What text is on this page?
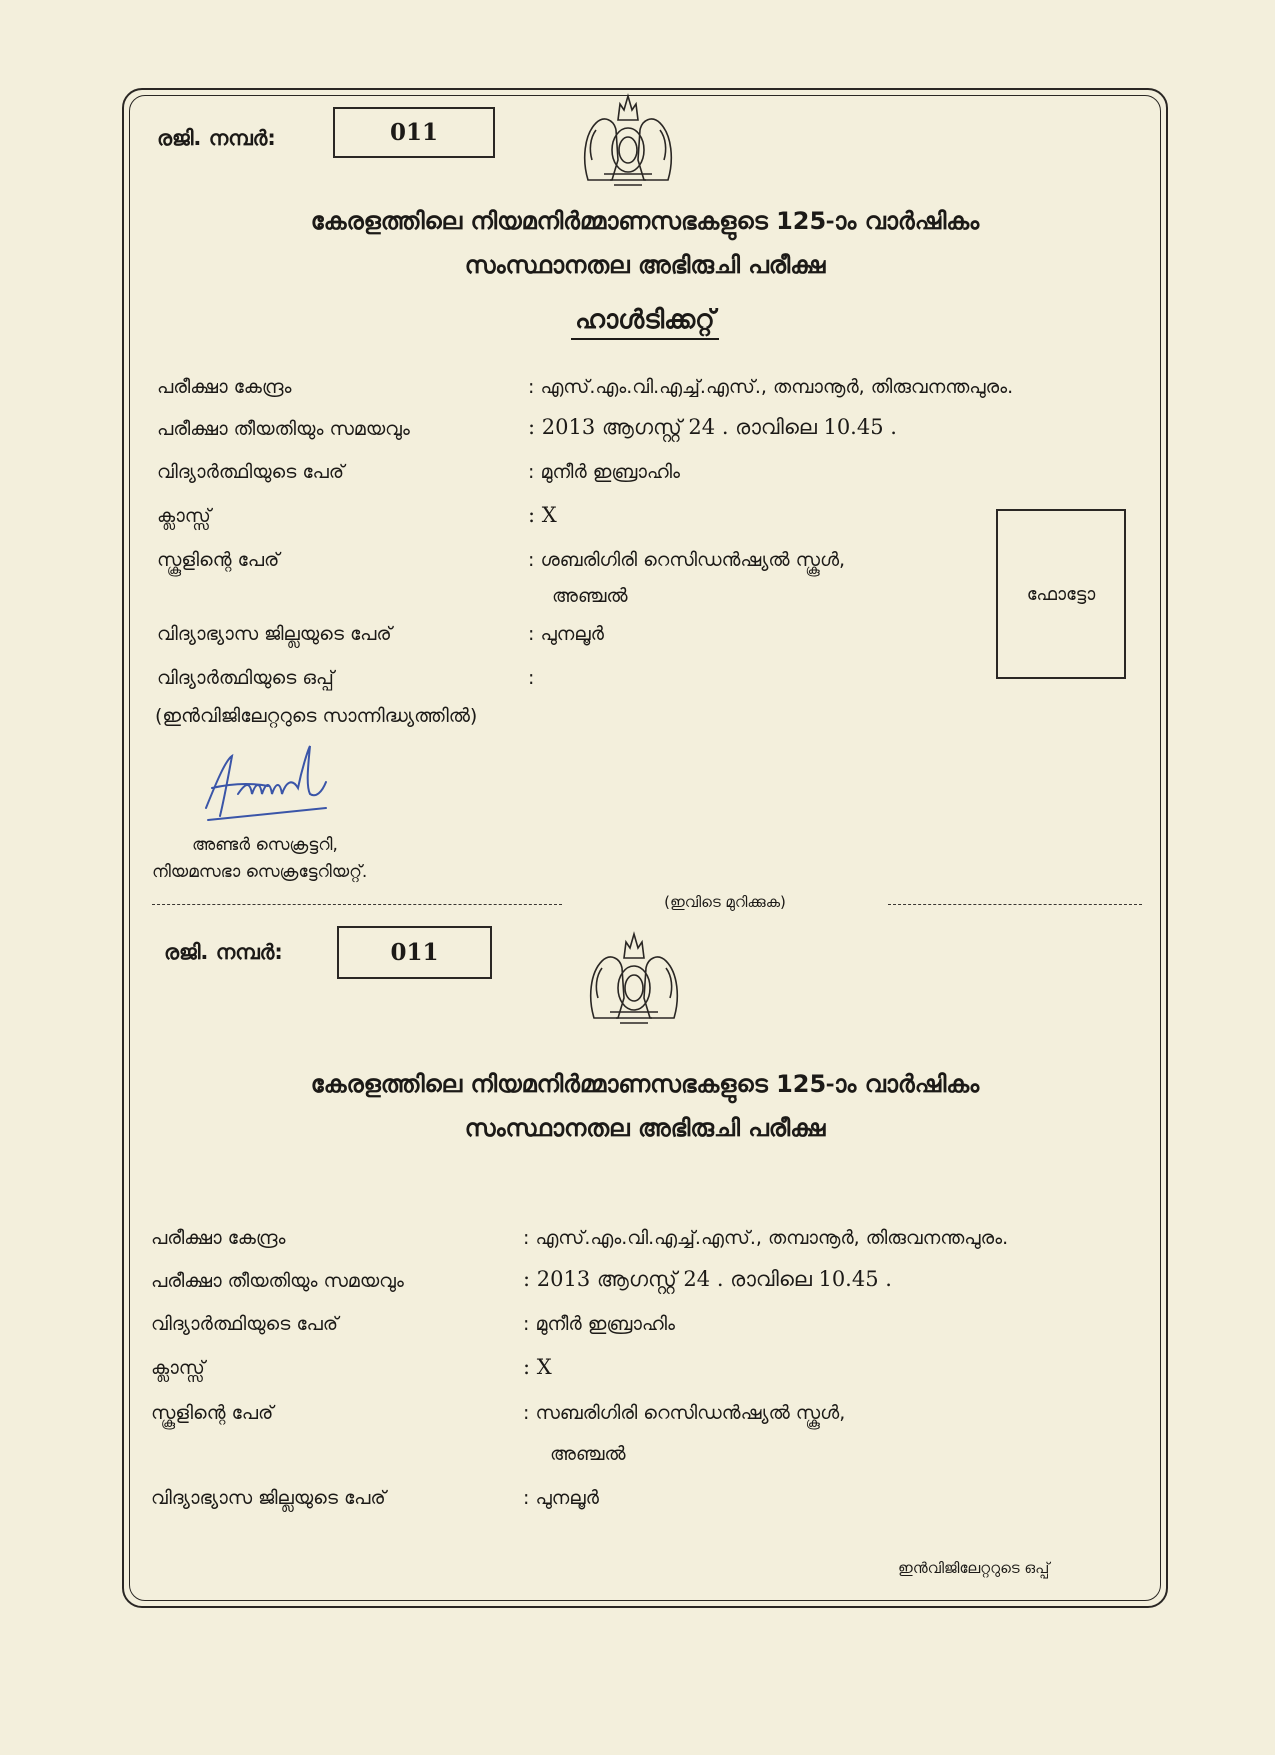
രജി. നമ്പർ:	011
കേരളത്തിലെ നിയമനിർമ്മാണസഭകളുടെ 125-ാം വാർഷികം
സംസ്ഥാനതല അഭിരുചി പരീക്ഷ
ഹാൾടിക്കറ്റ്
പരീക്ഷാ കേന്ദ്രം	: എസ്.എം.വി.എച്ച്.എസ്., തമ്പാനൂർ, തിരുവനന്തപുരം.
പരീക്ഷാ തീയതിയും സമയവും	: 2013 ആഗസ്റ്റ് 24 . രാവിലെ 10.45 .
വിദ്യാർത്ഥിയുടെ പേര്	: മുനീർ ഇബ്രാഹിം
ക്ലാസ്സ്	: X
സ്കൂളിന്റെ പേര്	: ശബരിഗിരി റെസിഡൻഷ്യൽ സ്കൂൾ,
അഞ്ചൽ
വിദ്യാഭ്യാസ ജില്ലയുടെ പേര്	: പുനലൂർ
വിദ്യാർത്ഥിയുടെ ഒപ്പ്	:
(ഇൻവിജിലേറ്ററുടെ സാന്നിദ്ധ്യത്തിൽ)
ഫോട്ടോ
അണ്ടർ സെക്രട്ടറി,
നിയമസഭാ സെക്രട്ടേറിയറ്റ്.
(ഇവിടെ മുറിക്കുക)
രജി. നമ്പർ:	011
കേരളത്തിലെ നിയമനിർമ്മാണസഭകളുടെ 125-ാം വാർഷികം
സംസ്ഥാനതല അഭിരുചി പരീക്ഷ
പരീക്ഷാ കേന്ദ്രം	: എസ്.എം.വി.എച്ച്.എസ്., തമ്പാനൂർ, തിരുവനന്തപുരം.
പരീക്ഷാ തീയതിയും സമയവും	: 2013 ആഗസ്റ്റ് 24 . രാവിലെ 10.45 .
വിദ്യാർത്ഥിയുടെ പേര്	: മുനീർ ഇബ്രാഹിം
ക്ലാസ്സ്	: X
സ്കൂളിന്റെ പേര്	: സബരിഗിരി റെസിഡൻഷ്യൽ സ്കൂൾ,
അഞ്ചൽ
വിദ്യാഭ്യാസ ജില്ലയുടെ പേര്	: പുനലൂർ
ഇൻവിജിലേറ്ററുടെ ഒപ്പ്
